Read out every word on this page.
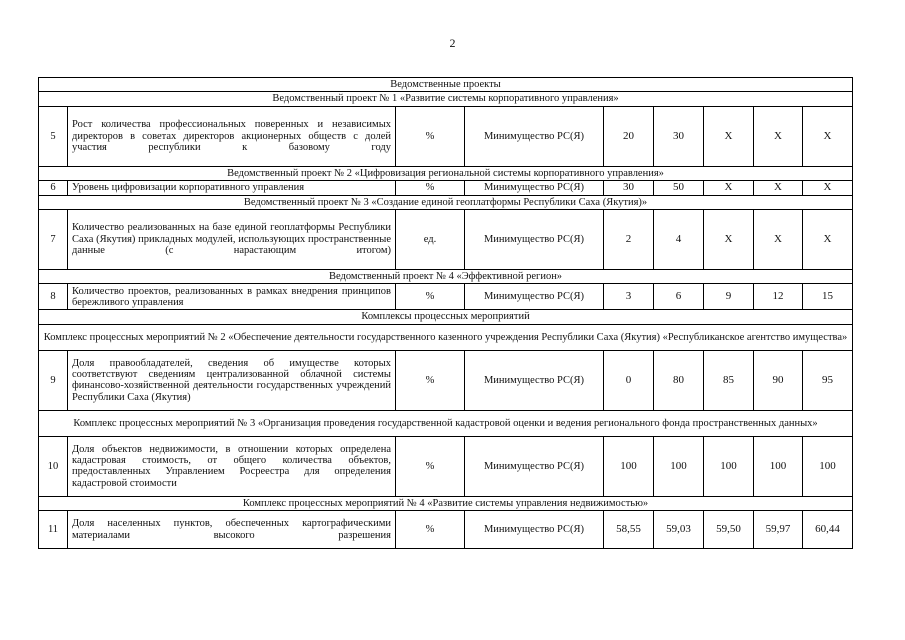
2
Ведомственные проекты								
Ведомственный проект № 1 «Развитие системы корпоративного управления»								
5	Рост количества профессиональных поверенных и независимых директоров в советах директоров акционерных обществ с долей участия республики к базовому году	%	Минимущество РС(Я)	20	30	X	X	X
Ведомственный проект № 2 «Цифровизация региональной системы корпоративного управления»								
6	Уровень цифровизации корпоративного управления	%	Минимущество РС(Я)	30	50	X	X	X
Ведомственный проект № 3 «Создание единой геоплатформы Республики Саха (Якутия)»								
7	Количество реализованных на базе единой геоплатформы Республики Саха (Якутия) прикладных модулей, использующих пространственные данные (с нарастающим итогом)	ед.	Минимущество РС(Я)	2	4	X	X	X
Ведомственный проект № 4 «Эффективной регион»								
8	Количество проектов, реализованных в рамках внедрения принципов бережливого управления	%	Минимущество РС(Я)	3	6	9	12	15
Комплексы процессных мероприятий								
Комплекс процессных мероприятий № 2 «Обеспечение деятельности государственного казенного учреждения Республики Саха (Якутия) «Республиканское агентство имущества»								
9	Доля правообладателей, сведения об имуществе которых соответствуют сведениям централизованной облачной системы финансово-хозяйственной деятельности государственных учреждений Республики Саха (Якутия)	%	Минимущество РС(Я)	0	80	85	90	95
Комплекс процессных мероприятий № 3 «Организация проведения государственной кадастровой оценки и ведения регионального фонда пространственных данных»								
10	Доля объектов недвижимости, в отношении которых определена кадастровая стоимость, от общего количества объектов, предоставленных Управлением Росреестра для определения кадастровой стоимости	%	Минимущество РС(Я)	100	100	100	100	100
Комплекс процессных мероприятий № 4 «Развитие системы управления недвижимостью»								
11	Доля населенных пунктов, обеспеченных картографическими материалами высокого разрешения	%	Минимущество РС(Я)	58,55	59,03	59,50	59,97	60,44
